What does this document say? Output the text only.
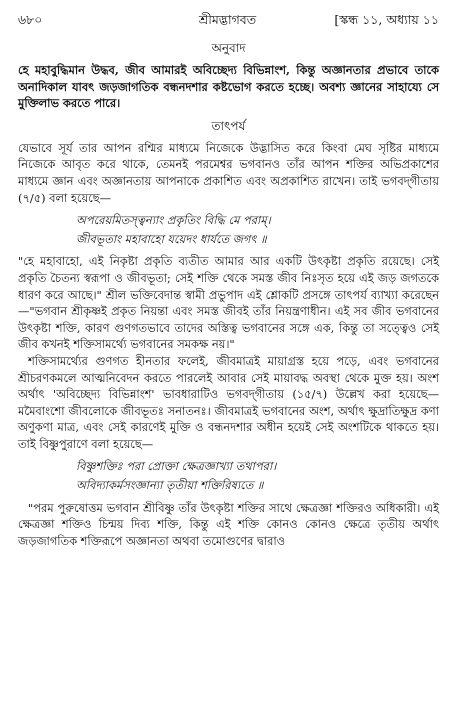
৬৮০	শ্রীমদ্ভাগবত	[স্কন্ধ ১১, অধ্যায় ১১
অনুবাদ

হে মহাবুদ্ধিমান উদ্ধব, জীব আমারই অবিচ্ছেদ্য বিভিন্নাংশ, কিন্তু অজ্ঞানতার প্রভাবে তাকে অনাদিকাল যাবৎ জড়জাগতিক বন্ধনদশার কষ্টভোগ করতে হচ্ছে। অবশ্য জ্ঞানের সাহায্যে সে মুক্তিলাভ করতে পারে।

তাৎপর্য

যেভাবে সূর্য তার আপন রশ্মির মাধ্যমে নিজেকে উদ্ভাসিত করে কিংবা মেঘ সৃষ্টির মাধ্যমে নিজেকে আবৃত করে থাকে, তেমনই পরমেশ্বর ভগবানও তাঁর আপন শক্তির অভিপ্রকাশের মাধ্যমে জ্ঞান এবং অজ্ঞানতায় আপনাকে প্রকাশিত এবং অপ্রকাশিত রাখেন। তাই ভগবদ্‌গীতায় (৭/৫) বলা হয়েছে—

অপরেয়মিতস্ত্বন্যাং প্রকৃতিং বিদ্ধি মে পরাম্‌।
জীবভূতাং মহাবাহো যয়েদং ধার্যতে জগৎ ॥

"হে মহাবাহো, এই নিকৃষ্টা প্রকৃতি ব্যতীত আমার আর একটি উৎকৃষ্টা প্রকৃতি রয়েছে। সেই প্রকৃতি চৈতন্য স্বরূপা ও জীবভূতা; সেই শক্তি থেকে সমস্ত জীব নিঃসৃত হয়ে এই জড় জগতকে ধারণ করে আছে।" শ্রীল ভক্তিবেদান্ত স্বামী প্রভুপাদ এই শ্লোকটি প্রসঙ্গে তাৎপর্য ব্যাখ্যা করেছেন—"ভগবান শ্রীকৃষ্ণই প্রকৃত নিয়ন্তা এবং সমস্ত জীবই তাঁর নিয়ন্ত্রণাধীন। এই সব জীব ভগবানের উৎকৃষ্টা শক্তি, কারণ গুণগতভাবে তাদের অস্তিত্ব ভগবানের সঙ্গে এক, কিন্তু তা সত্ত্বেও সেই জীব কখনই শক্তিসামর্থ্যে ভগবানের সমকক্ষ নয়।"

শক্তিসামর্থ্যের গুণগত হীনতার ফলেই, জীবমাত্রই মায়াগ্রস্ত হয়ে পড়ে, এবং ভগবানের শ্রীচরণকমলে আত্মনিবেদন করতে পারলেই আবার সেই মায়াবদ্ধ অবস্থা থেকে মুক্ত হয়। অংশ অর্থাৎ 'অবিচ্ছেদ্য বিভিন্নাংশ' ভাবধারাটিও ভগবদ্‌গীতায় (১৫/৭) উল্লেখ করা হয়েছে—মমৈবাংশো জীবলোকে জীবভূতঃ সনাতনঃ। জীবমাত্রই ভগবানের অংশ, অর্থাৎ ক্ষুদ্রাতিক্ষুদ্র কণা অণুকণা মাত্র, এবং সেই কারণেই মুক্তি ও বন্ধনদশার অধীন হয়েই সেই অংশটিকে থাকতে হয়। তাই বিষ্ণুপুরাণে বলা হয়েছে—

বিষ্ণুশক্তিঃ পরা প্রোক্তা ক্ষেত্রজ্ঞাখ্যা তথাপরা।
অবিদ্যাকর্মসংজ্ঞান্যা তৃতীয়া শক্তিরিষ্যতে ॥

"পরম পুরুষোত্তম ভগবান শ্রীবিষ্ণু তাঁর উৎকৃষ্টা শক্তির সাথে ক্ষেত্রজ্ঞা শক্তিরও অধিকারী। এই ক্ষেত্রজ্ঞা শক্তিও চিন্ময় দিব্য শক্তি, কিন্তু এই শক্তি কোনও কোনও ক্ষেত্রে তৃতীয় অর্থাৎ জড়জাগতিক শক্তিরূপে অজ্ঞানতা অথবা তমোগুণের দ্বারাও
